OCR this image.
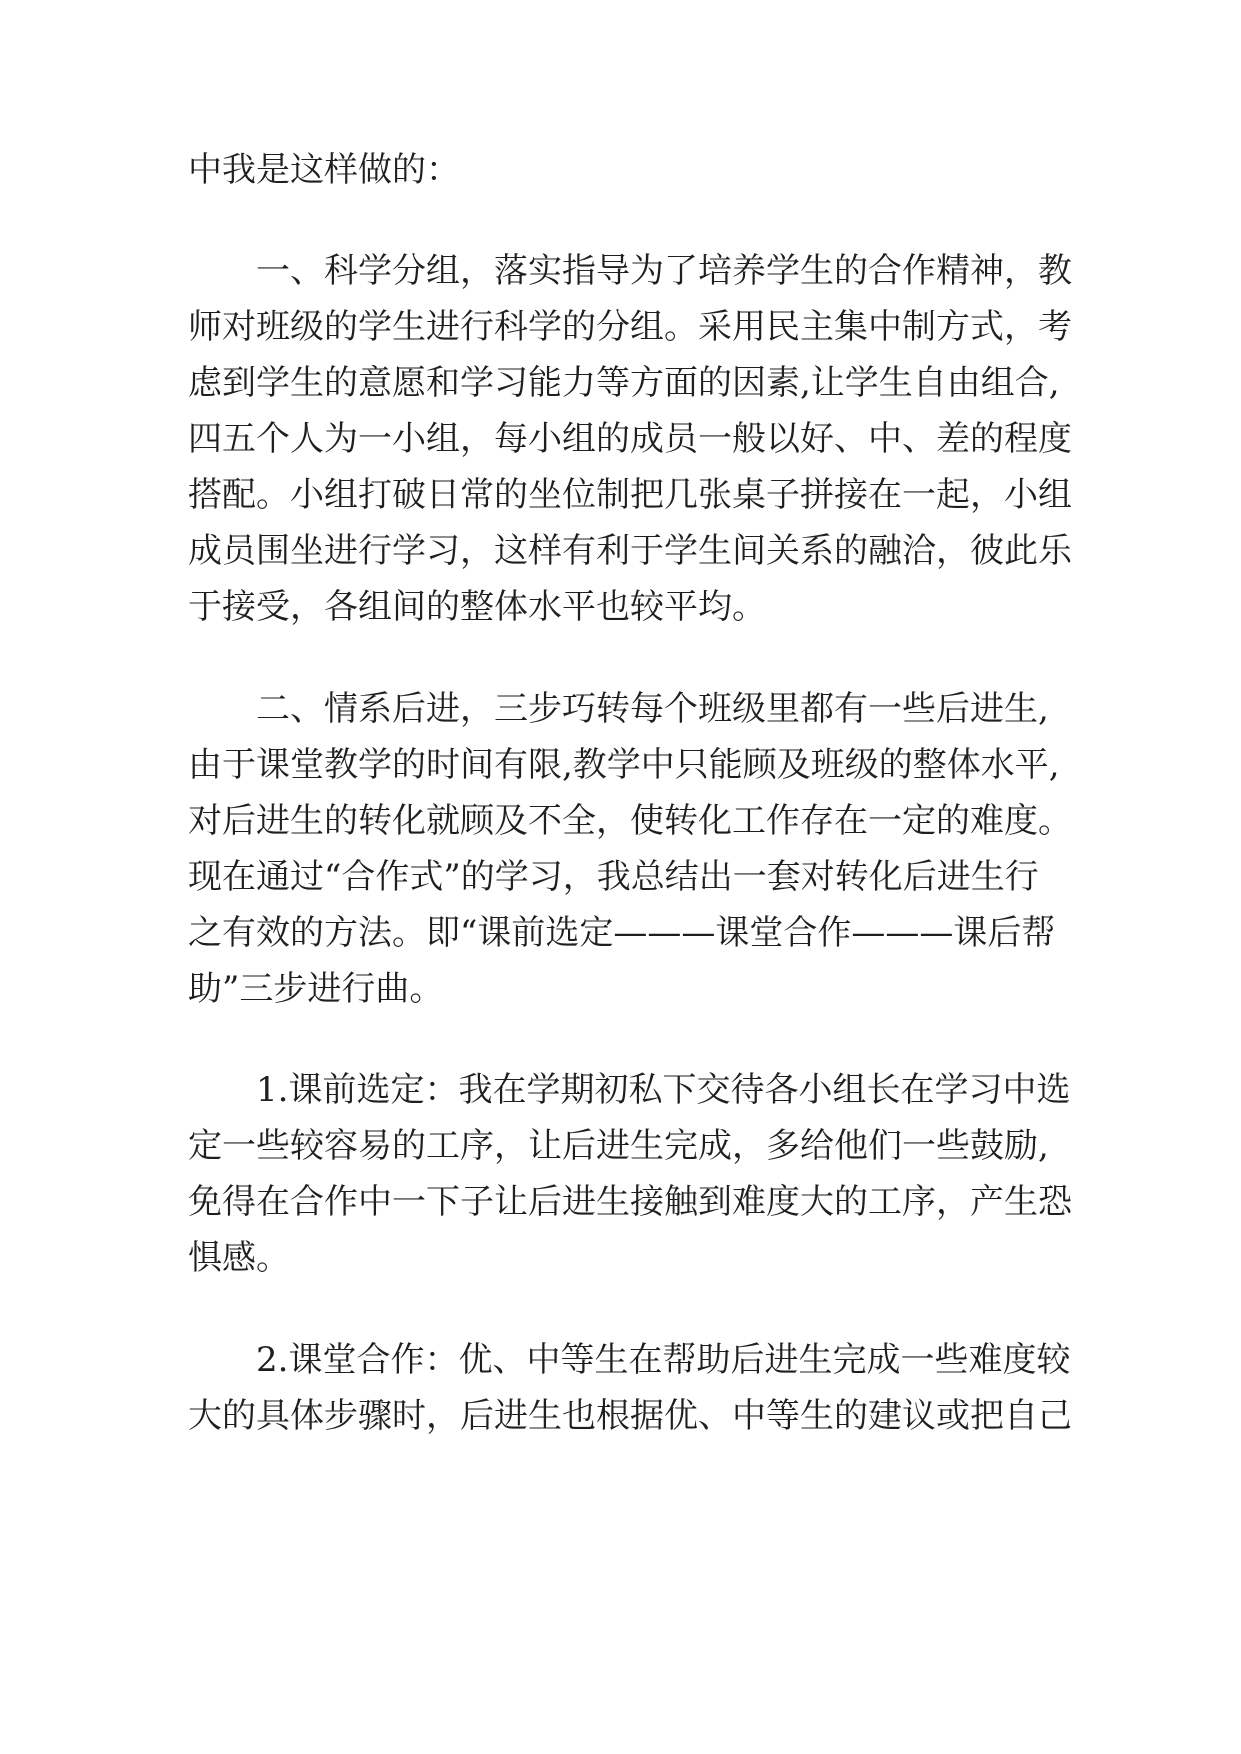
中我是这样做的：
一、科学分组，落实指导为了培养学生的合作精神，教
师对班级的学生进行科学的分组。采用民主集中制方式，考
虑到学生的意愿和学习能力等方面的因素,让学生自由组合,
四五个人为一小组，每小组的成员一般以好、中、差的程度
搭配。小组打破日常的坐位制把几张桌子拼接在一起，小组
成员围坐进行学习，这样有利于学生间关系的融洽，彼此乐
于接受，各组间的整体水平也较平均。
二、情系后进，三步巧转每个班级里都有一些后进生,
由于课堂教学的时间有限,教学中只能顾及班级的整体水平,
对后进生的转化就顾及不全，使转化工作存在一定的难度。
现在通过“合作式”的学习，我总结出一套对转化后进生行
之有效的方法。即“课前选定———课堂合作———课后帮
助”三步进行曲。
1.课前选定：我在学期初私下交待各小组长在学习中选
定一些较容易的工序，让后进生完成，多给他们一些鼓励,
免得在合作中一下子让后进生接触到难度大的工序，产生恐
惧感。
2.课堂合作：优、中等生在帮助后进生完成一些难度较
大的具体步骤时，后进生也根据优、中等生的建议或把自己
